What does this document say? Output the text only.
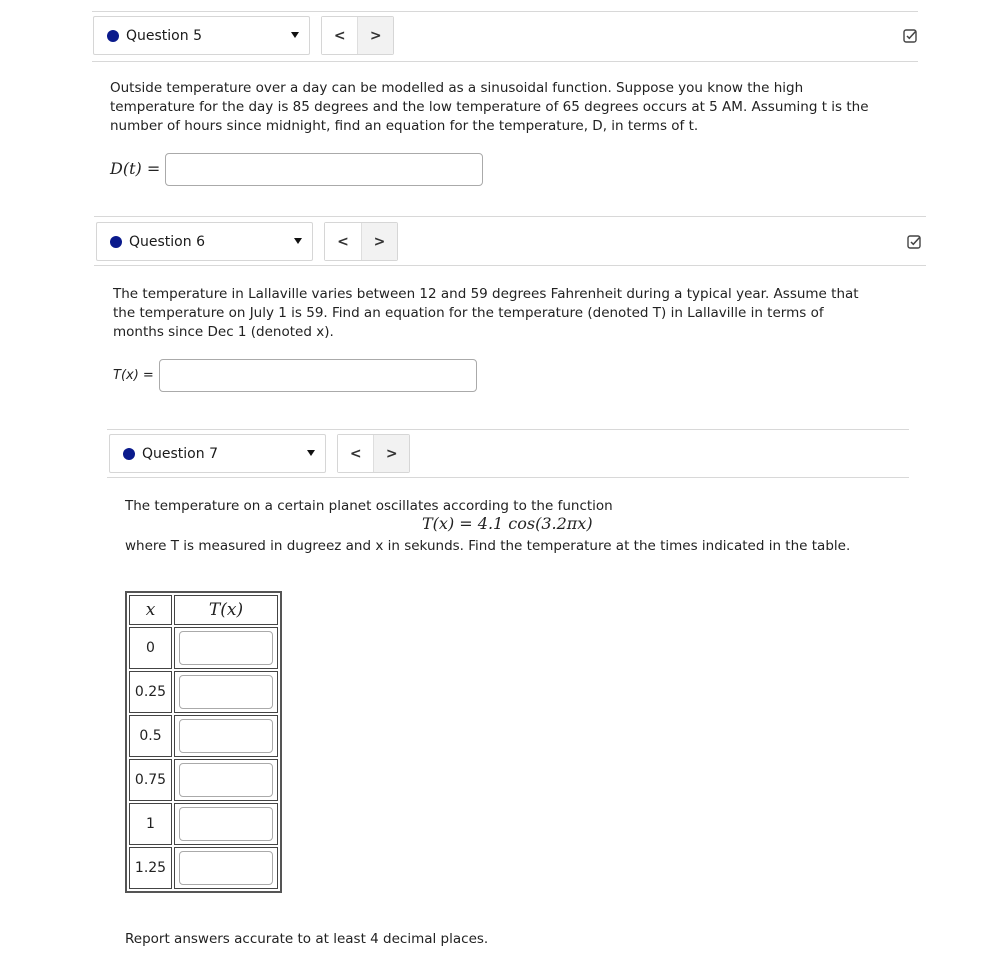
Question 5	<	>
Outside temperature over a day can be modelled as a sinusoidal function. Suppose you know the high temperature for the day is 85 degrees and the low temperature of 65 degrees occurs at 5 AM. Assuming t is the number of hours since midnight, find an equation for the temperature, D, in terms of t.
D(t) =
Question 6	<	>
The temperature in Lallaville varies between 12 and 59 degrees Fahrenheit during a typical year. Assume that the temperature on July 1 is 59. Find an equation for the temperature (denoted T) in Lallaville in terms of months since Dec 1 (denoted x).
T(x) =
Question 7	<	>
The temperature on a certain planet oscillates according to the function
T(x) = 4.1 cos(3.2πx)
where T is measured in dugreez and x in sekunds. Find the temperature at the times indicated in the table.
x	T(x)
0	

0.25	

0.5	

0.75	

1	

1.25	
Report answers accurate to at least 4 decimal places.
